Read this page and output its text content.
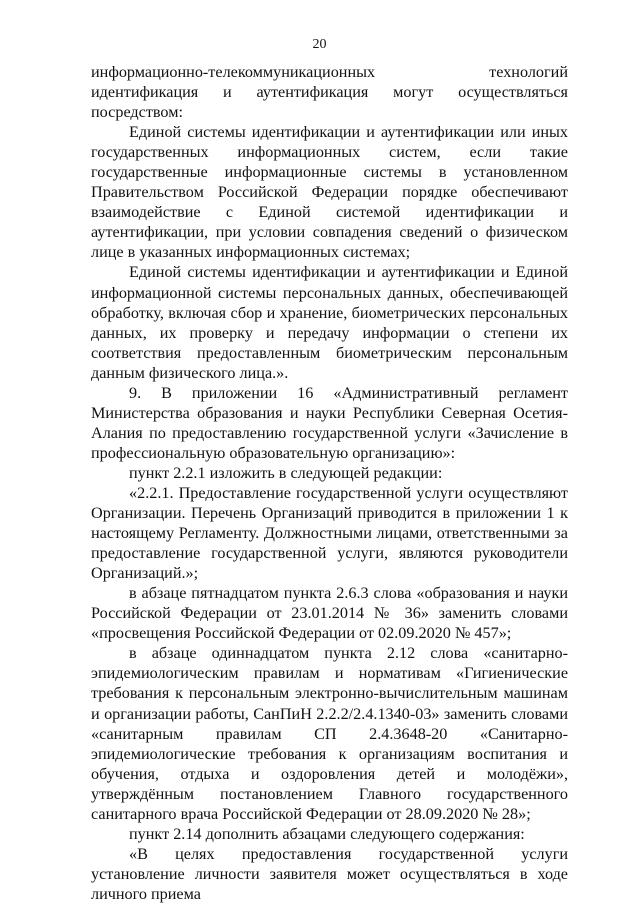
20

информационно-телекоммуникационных технологий идентификация и аутентификация могут осуществляться посредством:

Единой системы идентификации и аутентификации или иных государственных информационных систем, если такие государственные информационные системы в установленном Правительством Российской Федерации порядке обеспечивают взаимодействие с Единой системой идентификации и аутентификации, при условии совпадения сведений о физическом лице в указанных информационных системах;

Единой системы идентификации и аутентификации и Единой информационной системы персональных данных, обеспечивающей обработку, включая сбор и хранение, биометрических персональных данных, их проверку и передачу информации о степени их соответствия предоставленным биометрическим персональным данным физического лица.».

9. В приложении 16 «Административный регламент Министерства образования и науки Республики Северная Осетия-Алания по предоставлению государственной услуги «Зачисление в профессиональную образовательную организацию»:

пункт 2.2.1 изложить в следующей редакции:

«2.2.1. Предоставление государственной услуги осуществляют Организации. Перечень Организаций приводится в приложении 1 к настоящему Регламенту. Должностными лицами, ответственными за предоставление государственной услуги, являются руководители Организаций.»;

в абзаце пятнадцатом пункта 2.6.3 слова «образования и науки Российской Федерации от 23.01.2014 № 36» заменить словами «просвещения Российской Федерации от 02.09.2020 № 457»;

в абзаце одиннадцатом пункта 2.12 слова «санитарно-эпидемиологическим правилам и нормативам «Гигиенические требования к персональным электронно-вычислительным машинам и организации работы, СанПиН 2.2.2/2.4.1340-03» заменить словами «санитарным правилам СП 2.4.3648-20 «Санитарно-эпидемиологические требования к организациям воспитания и обучения, отдыха и оздоровления детей и молодёжи», утверждённым постановлением Главного государственного санитарного врача Российской Федерации от 28.09.2020 № 28»;

пункт 2.14 дополнить абзацами следующего содержания:

«В целях предоставления государственной услуги установление личности заявителя может осуществляться в ходе личного приема
